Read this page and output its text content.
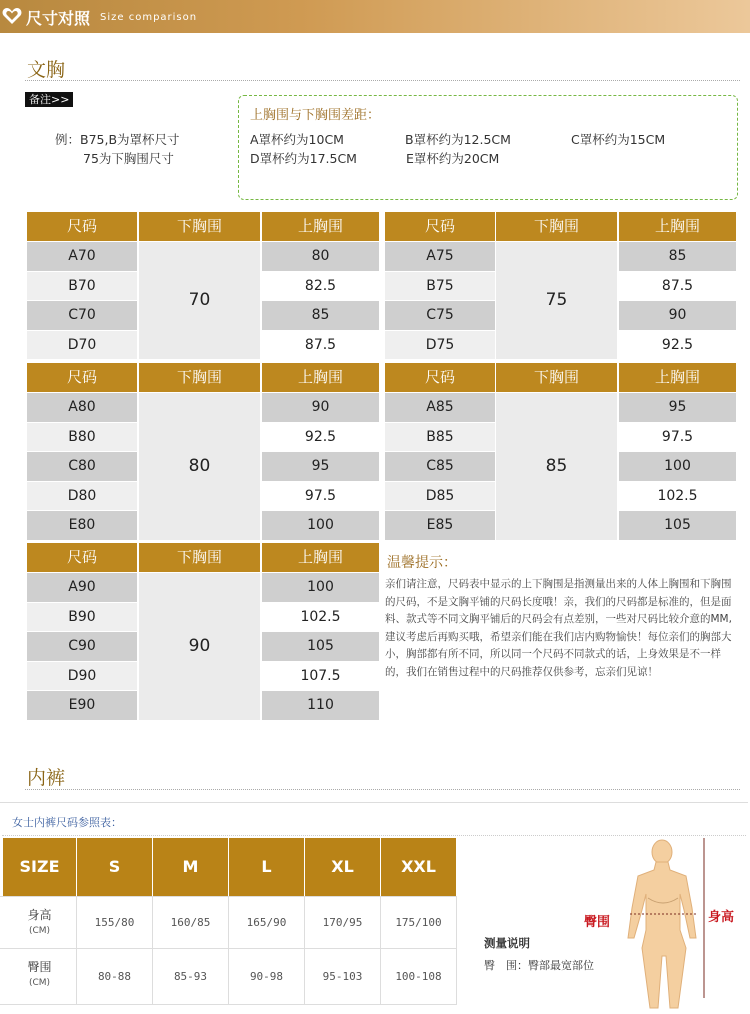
尺寸对照 Size comparison
文胸
备注>>
例：B75,B为罩杯尺寸
75为下胸围尺寸
上胸围与下胸围差距：
A罩杯约为10CM	B罩杯约为12.5CM	C罩杯约为15CM
D罩杯约为17.5CM	E罩杯约为20CM
尺码	下胸围	上胸围
A70	80
B70	82.5
C70	85
D70	87.5
70
尺码	下胸围	上胸围
A75	85
B75	87.5
C75	90
D75	92.5
75
尺码	下胸围	上胸围
A80	90
B80	92.5
C80	95
D80	97.5
E80	100
80
尺码	下胸围	上胸围
A85	95
B85	97.5
C85	100
D85	102.5
E85	105
85
尺码	下胸围	上胸围
A90	100
B90	102.5
C90	105
D90	107.5
E90	110
90
温馨提示：
亲们请注意，尺码表中显示的上下胸围是指测量出来的人体上胸围和下胸围的尺码，不是文胸平铺的尺码长度哦！亲，我们的尺码都是标准的，但是面料、款式等不同文胸平铺后的尺码会有点差别，一些对尺码比较介意的MM,建议考虑后再购买哦，希望亲们能在我们店内购物愉快！每位亲们的胸部大小，胸部都有所不同，所以同一个尺码不同款式的话，上身效果是不一样的，我们在销售过程中的尺码推荐仅供参考，忘亲们见谅！
内裤
女士内裤尺码参照表：
SIZE	S	M	L	XL	XXL
身高
(CM)
155/80	160/85	165/90	170/95	175/100
臀围
(CM)	80-88	85-93	90-98	95-103	100-108
臀围	身高
测量说明
臀　围：臀部最宽部位
